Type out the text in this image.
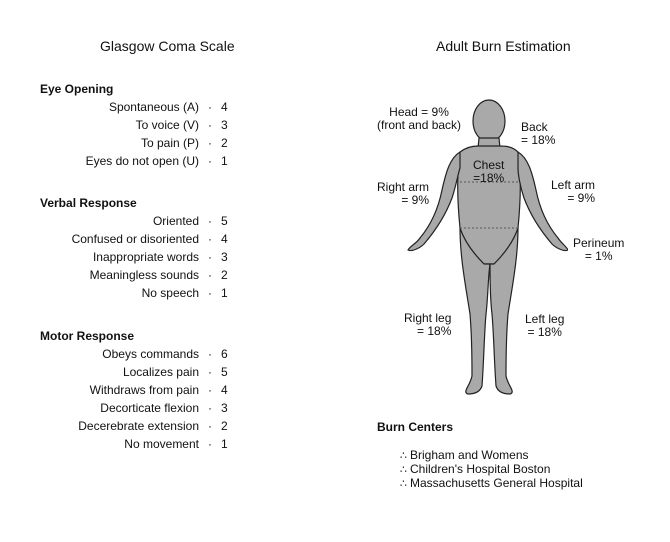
Glasgow Coma Scale	Adult Burn Estimation
Eye Opening
Spontaneous (A) · 4
To voice (V) · 3
To pain (P) · 2
Eyes do not open (U) · 1
Verbal Response
Oriented · 5
Confused or disoriented · 4
Inappropriate words · 3
Meaningless sounds · 2
No speech · 1
Motor Response
Obeys commands · 6
Localizes pain · 5
Withdraws from pain · 4
Decorticate flexion · 3
Decerebrate extension · 2
No movement · 1
Head = 9%
(front and back)	Back
= 18%
Chest
=18%
Right arm
= 9%
Left arm
= 9%
Perineum
= 1%
Right leg
= 18%
Left leg
= 18%
Burn Centers
∴ Brigham and Womens
∴ Children's Hospital Boston
∴ Massachusetts General Hospital
